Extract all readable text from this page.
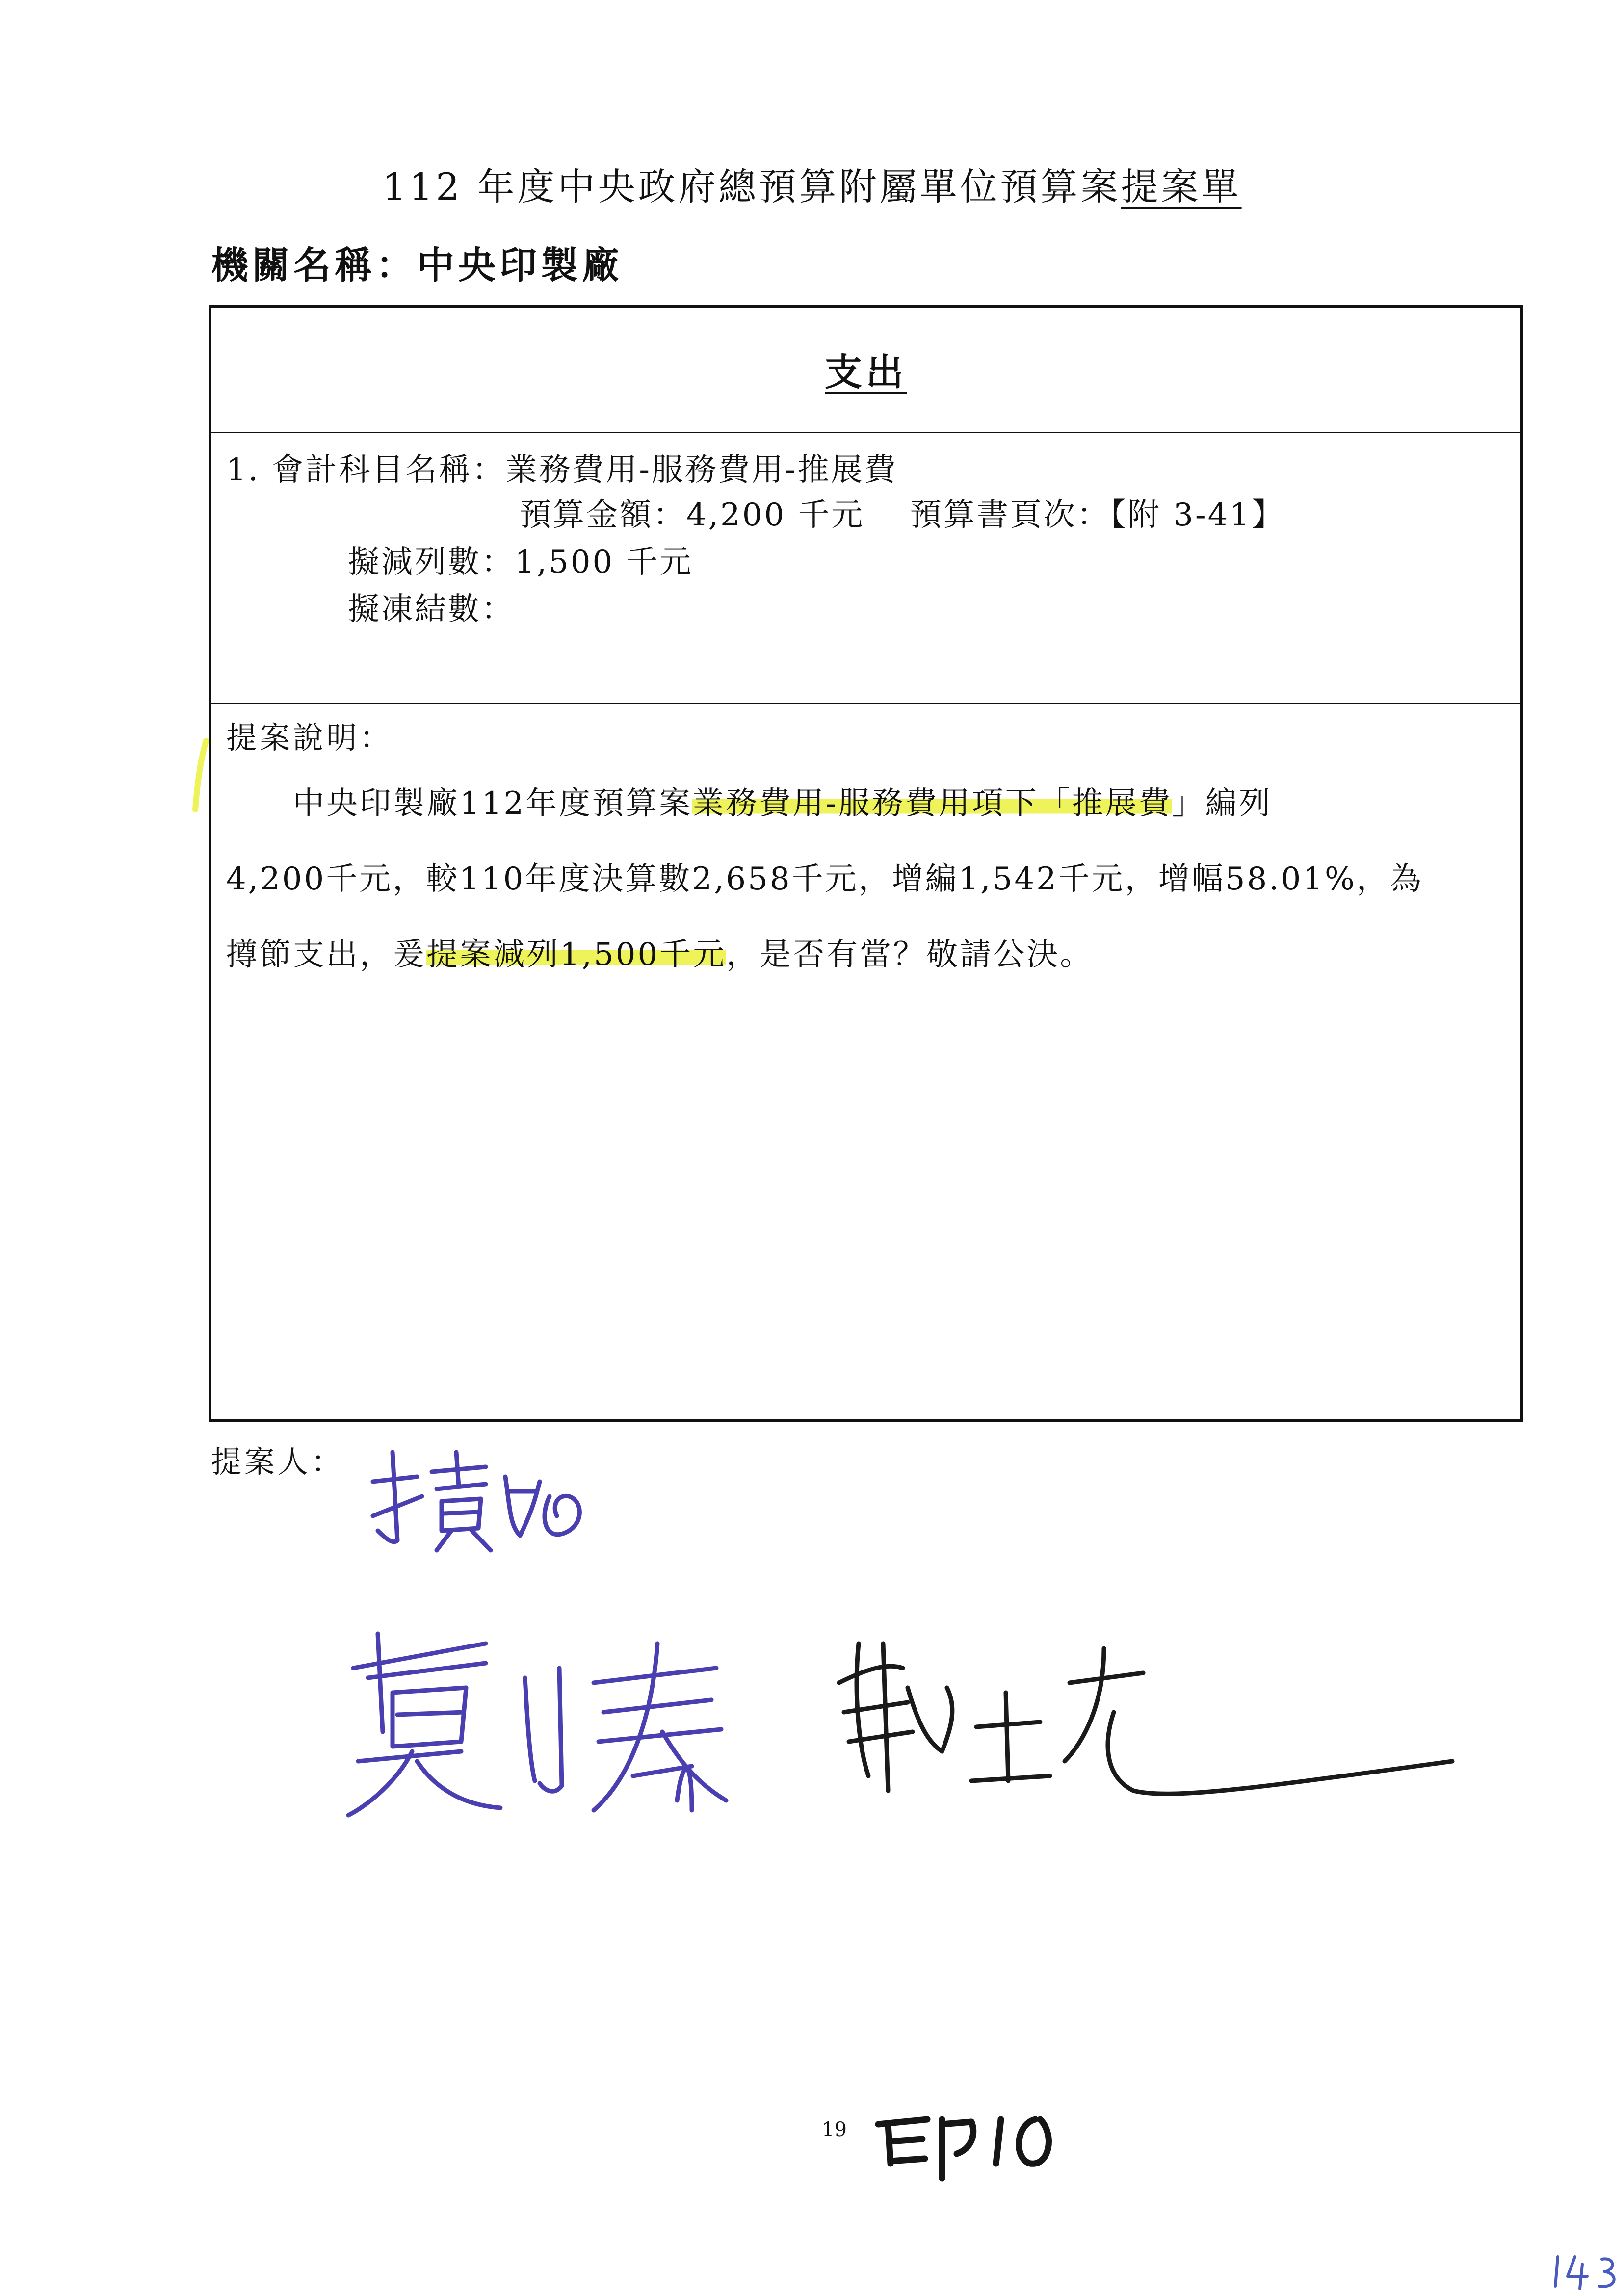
112 年度中央政府總預算附屬單位預算案提案單
機關名稱：中央印製廠
支出
1. 會計科目名稱：業務費用-服務費用-推展費
預算金額：4,200 千元　 預算書頁次：【附 3-41】
擬減列數：1,500 千元
擬凍結數：
提案說明：
　　中央印製廠112年度預算案業務費用-服務費用項下「推展費」編列
4,200千元，較110年度決算數2,658千元，增編1,542千元，增幅58.01%，為
撙節支出，爰提案減列1,500千元，是否有當？敬請公決。
提案人：
19
